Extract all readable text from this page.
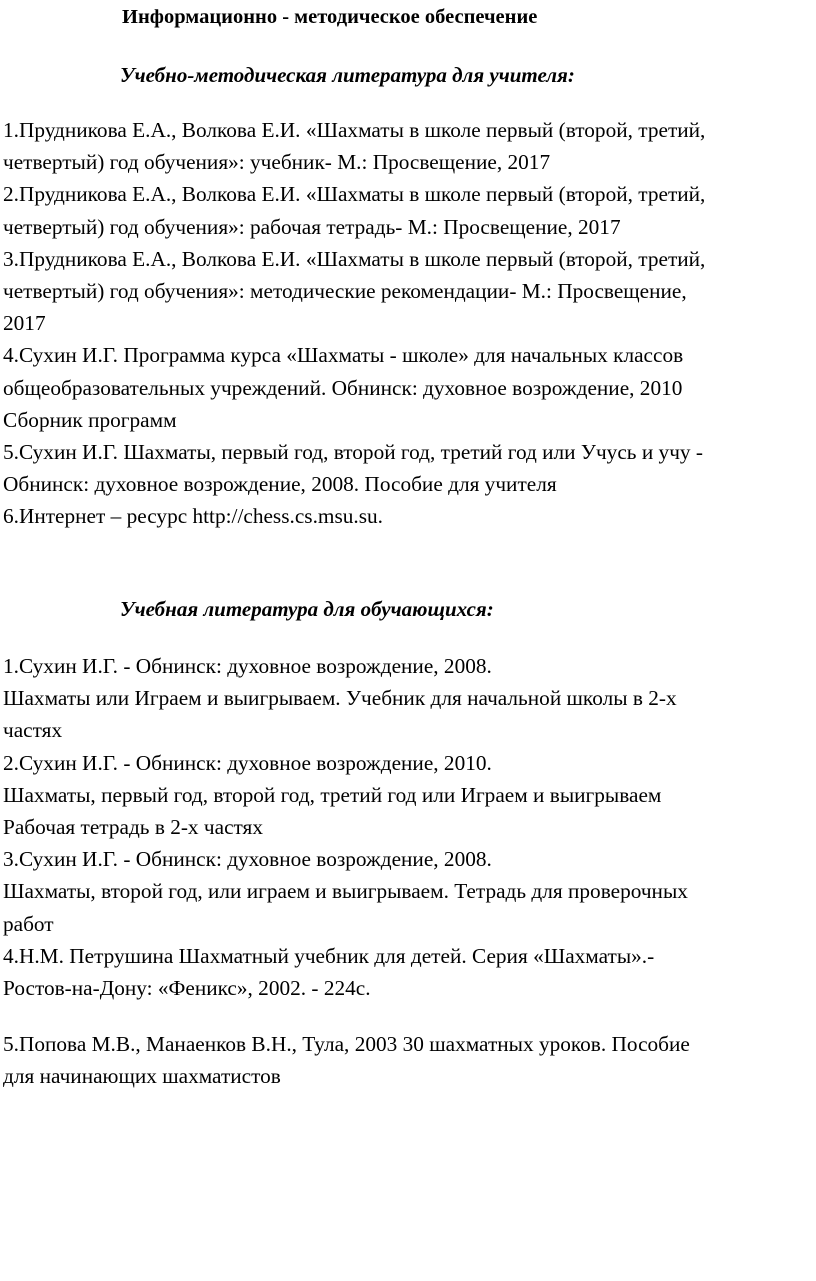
Информационно - методическое обеспечение
Учебно-методическая литература для учителя:
1.Прудникова Е.А., Волкова Е.И. «Шахматы в школе первый (второй, третий,
четвертый) год обучения»: учебник- М.: Просвещение, 2017
2.Прудникова Е.А., Волкова Е.И. «Шахматы в школе первый (второй, третий,
четвертый) год обучения»: рабочая тетрадь- М.: Просвещение, 2017
3.Прудникова Е.А., Волкова Е.И. «Шахматы в школе первый (второй, третий,
четвертый) год обучения»: методические рекомендации- М.: Просвещение,
2017
4.Сухин И.Г. Программа курса «Шахматы - школе» для начальных классов
общеобразовательных учреждений. Обнинск: духовное возрождение, 2010
Сборник программ
5.Сухин И.Г. Шахматы, первый год, второй год, третий год или Учусь и учу -
Обнинск: духовное возрождение, 2008. Пособие для учителя
6.Интернет – ресурс http://chess.cs.msu.su.
Учебная литература для обучающихся:
1.Сухин И.Г. - Обнинск: духовное возрождение, 2008.
Шахматы или Играем и выигрываем. Учебник для начальной школы в 2-х
частях
2.Сухин И.Г. - Обнинск: духовное возрождение, 2010.
Шахматы, первый год, второй год, третий год или Играем и выигрываем
Рабочая тетрадь в 2-х частях
3.Сухин И.Г. - Обнинск: духовное возрождение, 2008.
Шахматы, второй год, или играем и выигрываем. Тетрадь для проверочных
работ
4.Н.М. Петрушина Шахматный учебник для детей. Серия «Шахматы».-
Ростов-на-Дону: «Феникс», 2002. - 224с.
5.Попова М.В., Манаенков В.Н., Тула, 2003 30 шахматных уроков. Пособие
для начинающих шахматистов
